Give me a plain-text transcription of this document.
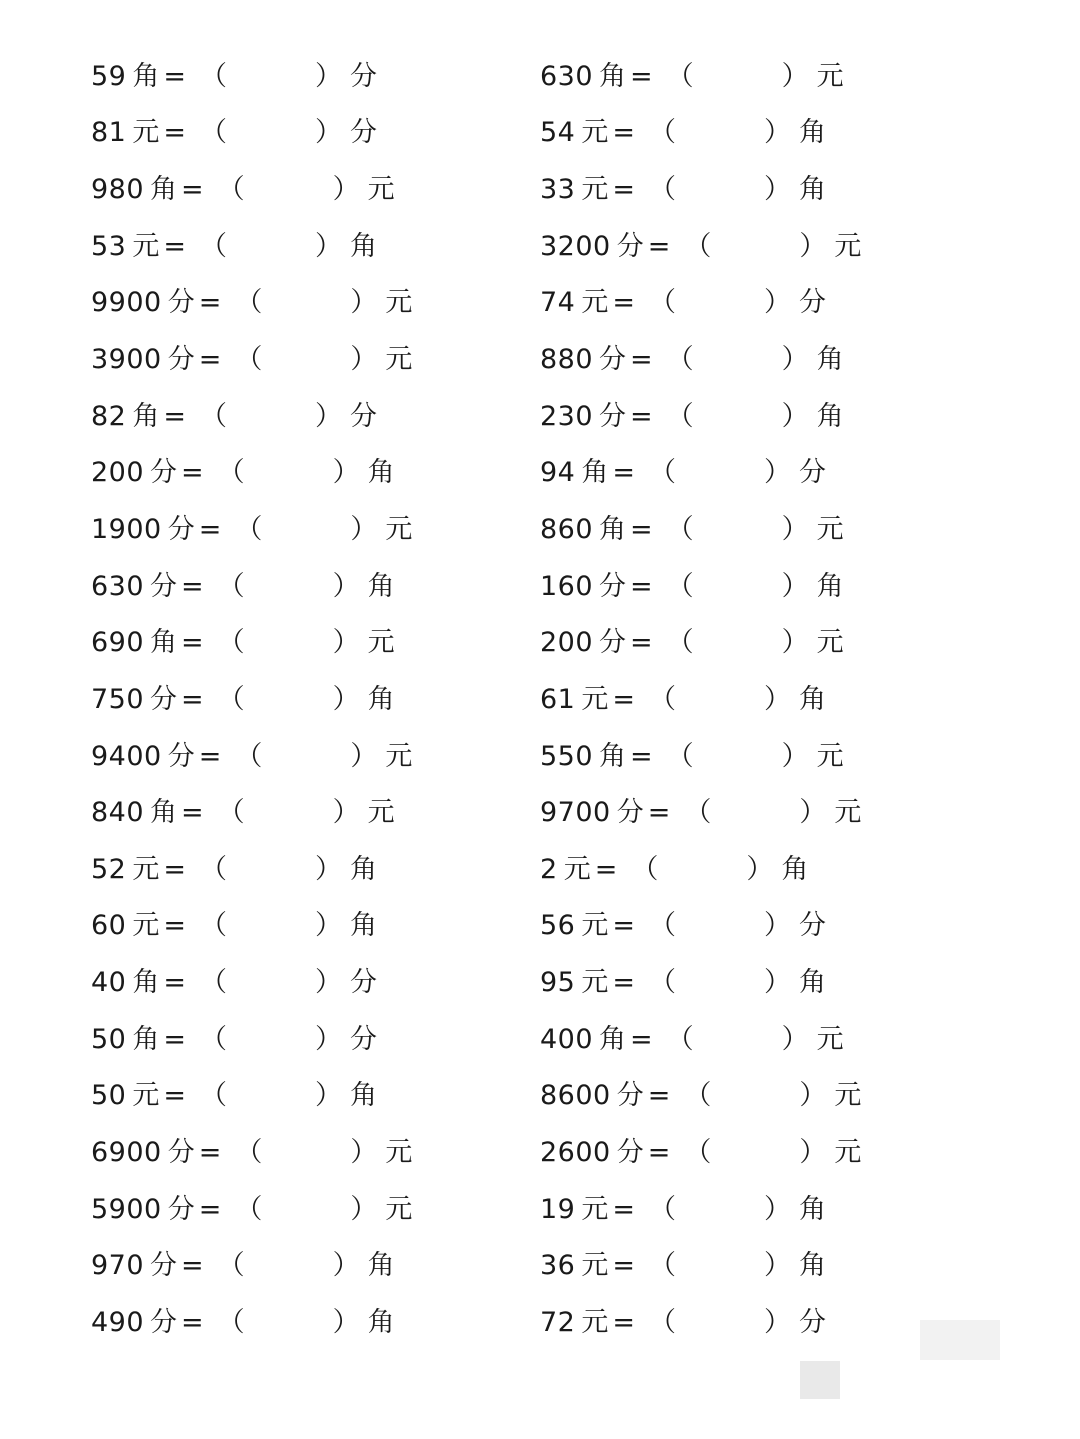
59 角 = （	） 分
81 元 = （	） 分
980 角 = （	） 元
53 元 = （	） 角
9900 分 = （	） 元
3900 分 = （	） 元
82 角 = （	） 分
200 分 = （	） 角
1900 分 = （	） 元
630 分 = （	） 角
690 角 = （	） 元
750 分 = （	） 角
9400 分 = （	） 元
840 角 = （	） 元
52 元 = （	） 角
60 元 = （	） 角
40 角 = （	） 分
50 角 = （	） 分
50 元 = （	） 角
6900 分 = （	） 元
5900 分 = （	） 元
970 分 = （	） 角
490 分 = （	） 角
630 角 = （	） 元
54 元 = （	） 角
33 元 = （	） 角
3200 分 = （	） 元
74 元 = （	） 分
880 分 = （	） 角
230 分 = （	） 角
94 角 = （	） 分
860 角 = （	） 元
160 分 = （	） 角
200 分 = （	） 元
61 元 = （	） 角
550 角 = （	） 元
9700 分 = （	） 元
2 元 = （	） 角
56 元 = （	） 分
95 元 = （	） 角
400 角 = （	） 元
8600 分 = （	） 元
2600 分 = （	） 元
19 元 = （	） 角
36 元 = （	） 角
72 元 = （	） 分
